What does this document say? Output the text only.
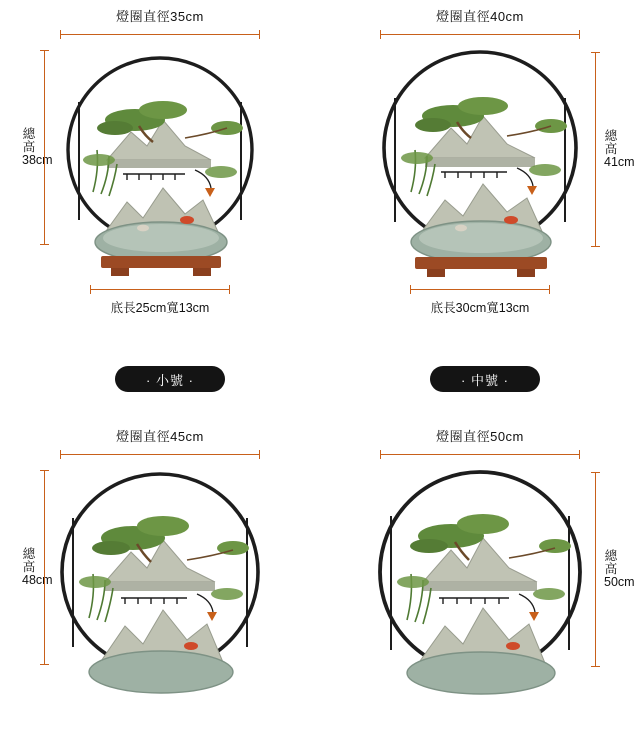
燈圈直徑35cm
總高38cm
底長25cm寬13cm
燈圈直徑40cm
總高41cm
底長30cm寬13cm
· 小號 ·	· 中號 ·
燈圈直徑45cm
總高48cm
燈圈直徑50cm
總高50cm
